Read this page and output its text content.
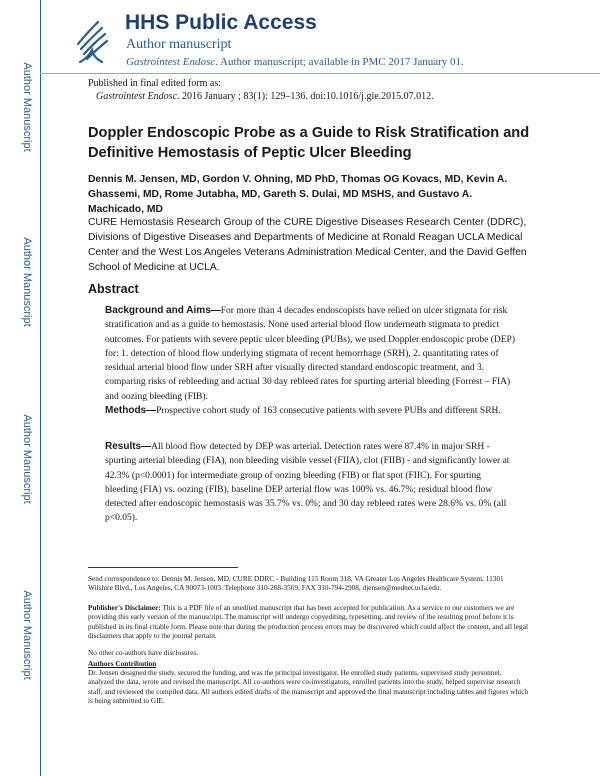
Author Manuscript
Author Manuscript
Author Manuscript
Author Manuscript
HHS Public Access
Author manuscript
Gastrointest Endosc. Author manuscript; available in PMC 2017 January 01.
Published in final edited form as:
Gastrointest Endosc. 2016 January ; 83(1): 129–136. doi:10.1016/j.gie.2015.07.012.
Doppler Endoscopic Probe as a Guide to Risk Stratification and Definitive Hemostasis of Peptic Ulcer Bleeding
Dennis M. Jensen, MD, Gordon V. Ohning, MD PhD, Thomas OG Kovacs, MD, Kevin A. Ghassemi, MD, Rome Jutabha, MD, Gareth S. Dulai, MD MSHS, and Gustavo A. Machicado, MD
CURE Hemostasis Research Group of the CURE Digestive Diseases Research Center (DDRC), Divisions of Digestive Diseases and Departments of Medicine at Ronald Reagan UCLA Medical Center and the West Los Angeles Veterans Administration Medical Center, and the David Geffen School of Medicine at UCLA.
Abstract
Background and Aims—For more than 4 decades endoscopists have relied on ulcer stigmata for risk stratification and as a guide to hemostasis. None used arterial blood flow underneath stigmata to predict outcomes. For patients with severe peptic ulcer bleeding (PUBs), we used Doppler endoscopic probe (DEP) for: 1. detection of blood flow underlying stigmata of recent hemorrhage (SRH), 2. quantitating rates of residual arterial blood flow under SRH after visually directed standard endoscopic treatment, and 3. comparing risks of rebleeding and actual 30 day rebleed rates for spurting arterial bleeding (Forrest – FIA) and oozing bleeding (FIB).
Methods—Prospective cohort study of 163 consecutive patients with severe PUBs and different SRH.
Results—All blood flow detected by DEP was arterial. Detection rates were 87.4% in major SRH - spurting arterial bleeding (FIA), non bleeding visible vessel (FIIA), clot (FIIB) - and significantly lower at 42.3% (p<0.0001) for intermediate group of oozing bleeding (FIB) or flat spot (FIIC). For spurting bleeding (FIA) vs. oozing (FIB), baseline DEP arterial flow was 100% vs. 46.7%; residual blood flow detected after endoscopic hemostasis was 35.7% vs. 0%; and 30 day rebleed rates were 28.6% vs. 0% (all p<0.05).
Send correspondence to: Dennis M. Jensen, MD, CURE DDRC - Building 115 Room 318, VA Greater Los Angeles Healthcare System, 11301 Wilshire Blvd., Los Angeles, CA 90073-1003. Telephone 310-268-3569, FAX 310-794-2908, djensen@mednet.ucla.edu.
Publisher's Disclaimer: This is a PDF file of an unedited manuscript that has been accepted for publication. As a service to our customers we are providing this early version of the manuscript. The manuscript will undergo copyediting, typesetting, and review of the resulting proof before it is published in its final citable form. Please note that during the production process errors may be discovered which could affect the content, and all legal disclaimers that apply to the journal pertain.
No other co-authors have disclosures.
Authors Contribution
Dr. Jensen designed the study, secured the funding, and was the principal investigator. He enrolled study patients, supervised study personnel, analyzed the data, wrote and revised the manuscript. All co-authors were co-investigators, enrolled patients into the study, helped supervise research staff, and reviewed the compiled data. All authors edited drafts of the manuscript and approved the final manuscript including tables and figures which is being submitted to GIE.
